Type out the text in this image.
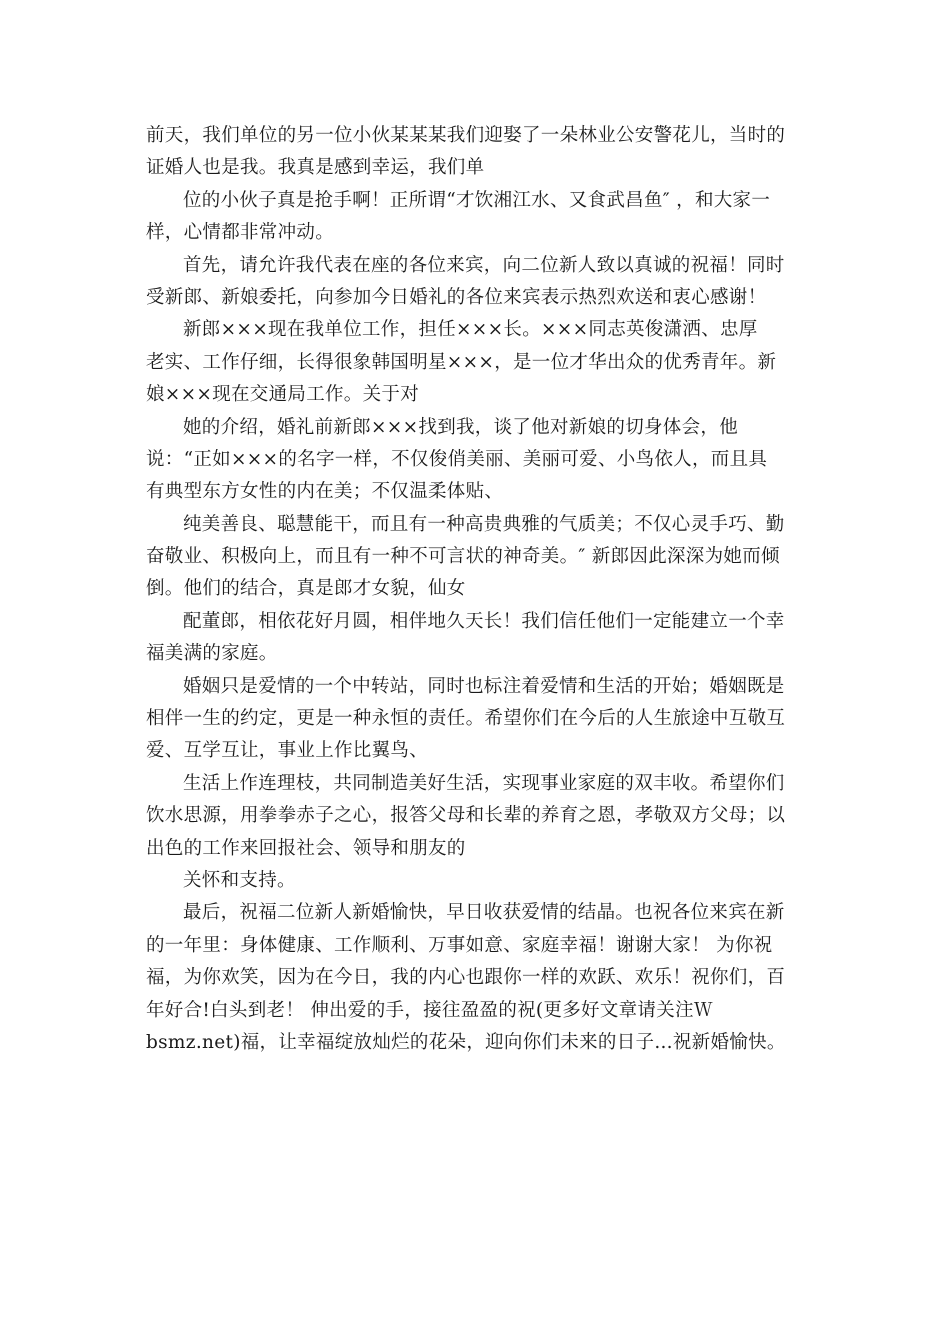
前天，我们单位的另一位小伙某某某我们迎娶了一朵林业公安警花儿，当时的
证婚人也是我。我真是感到幸运，我们单
位的小伙子真是抢手啊！正所谓“才饮湘江水、又食武昌鱼″ ，和大家一
样，心情都非常冲动。
首先，请允许我代表在座的各位来宾，向二位新人致以真诚的祝福！同时
受新郎、新娘委托，向参加今日婚礼的各位来宾表示热烈欢送和衷心感谢！
新郎×××现在我单位工作，担任×××长。×××同志英俊潇洒、忠厚
老实、工作仔细，长得很象韩国明星×××，是一位才华出众的优秀青年。新
娘×××现在交通局工作。关于对
她的介绍，婚礼前新郎×××找到我，谈了他对新娘的切身体会，他
说：“正如×××的名字一样，不仅俊俏美丽、美丽可爱、小鸟依人，而且具
有典型东方女性的内在美；不仅温柔体贴、
纯美善良、聪慧能干，而且有一种高贵典雅的气质美；不仅心灵手巧、勤
奋敬业、积极向上，而且有一种不可言状的神奇美。″ 新郎因此深深为她而倾
倒。他们的结合，真是郎才女貌，仙女
配董郎，相依花好月圆，相伴地久天长！我们信任他们一定能建立一个幸
福美满的家庭。
婚姻只是爱情的一个中转站，同时也标注着爱情和生活的开始；婚姻既是
相伴一生的约定，更是一种永恒的责任。希望你们在今后的人生旅途中互敬互
爱、互学互让，事业上作比翼鸟、
生活上作连理枝，共同制造美好生活，实现事业家庭的双丰收。希望你们
饮水思源，用拳拳赤子之心，报答父母和长辈的养育之恩，孝敬双方父母；以
出色的工作来回报社会、领导和朋友的
关怀和支持。
最后，祝福二位新人新婚愉快，早日收获爱情的结晶。也祝各位来宾在新
的一年里：身体健康、工作顺利、万事如意、家庭幸福！谢谢大家！ 为你祝
福，为你欢笑，因为在今日，我的内心也跟你一样的欢跃、欢乐！祝你们，百
年好合!白头到老！ 伸出爱的手，接往盈盈的祝(更多好文章请关注Ｗ
bsmz.net)福，让幸福绽放灿烂的花朵，迎向你们未来的日子...祝新婚愉快。
